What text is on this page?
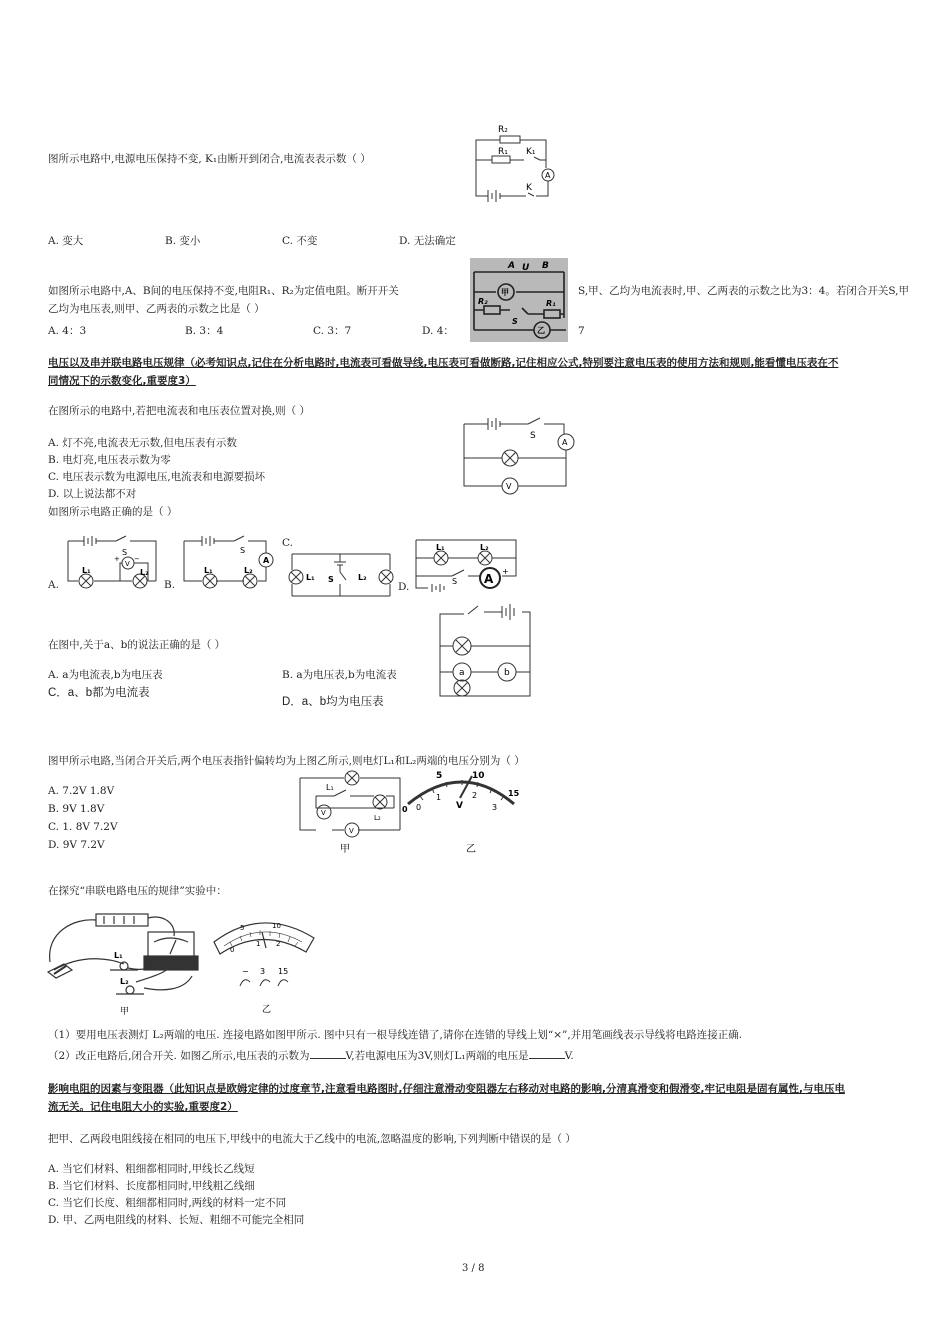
图所示电路中,电源电压保持不变, K₁由断开到闭合,电流表表示数（ ）
R₂
R₁ K₁
A
K
A. 变大	B. 变小	C. 不变	D. 无法确定
如图所示电路中,A、B间的电压保持不变,电阻R₁、R₂为定值电阻。断开开关
A U B
甲
R₂	R₁
S
乙
S,甲、乙均为电流表时,甲、乙两表的示数之比为3：4。若闭合开关S,甲
乙均为电压表,则甲、乙两表的示数之比是（ ）
A. 4：3	B. 3：4	C. 3：7	D. 4：	7
电压以及串并联电路电压规律（必考知识点,记住在分析电路时,电流表可看做导线,电压表可看做断路,记住相应公式,特别要注意电压表的使用方法和规则,能看懂电压表在不
同情况下的示数变化,重要度3）
在图所示的电路中,若把电流表和电压表位置对换,则（ ）
S
A
V
A. 灯不亮,电流表无示数,但电压表有示数
B. 电灯亮,电压表示数为零
C. 电压表示数为电源电压,电流表和电源要损坏
D. 以上说法都不对
如图所示电路正确的是（ ）
A.
S
L₁	L₂
V
+ −
B.
S
A
L₁	L₂
C.
L₁	L₂
S
D.
A
+
L₁	L₂
S
a	b
在图中,关于a、b的说法正确的是（ ）
A. a为电流表,b为电压表	B. a为电压表,b为电流表
C．a、b都为电流表
D．a、b均为电压表
图甲所示电路,当闭合开关后,两个电压表指针偏转均为上图乙所示,则电灯L₁和L₂两端的电压分别为（ ）
A. 7.2V 1.8V
B. 9V 1.8V
C. 1. 8V 7.2V
D. 9V 7.2V
L₁
L₂
V
V
甲
5	10
0
15
0
1	2
3
V
乙
在探究“串联电路电压的规律”实验中：
L₁
L₂
甲
5	10
0
1 2
− 3 15
乙
（1）要用电压表测灯 L₂两端的电压. 连接电路如图甲所示. 图中只有一根导线连错了,请你在连错的导线上划“×”,并用笔画线表示导线将电路连接正确.
（2）改正电路后,闭合开关. 如图乙所示,电压表的示数为	V,若电源电压为3V,则灯L₁两端的电压是	V.
影响电阻的因素与变阻器（此知识点是欧姆定律的过度章节,注意看电路图时,仔细注意滑动变阻器左右移动对电路的影响,分清真滑变和假滑变,牢记电阻是固有属性,与电压电
流无关。记住电阻大小的实验,重要度2）
把甲、乙两段电阻线接在相同的电压下,甲线中的电流大于乙线中的电流,忽略温度的影响,下列判断中错误的是（ ）
A. 当它们材料、粗细都相同时,甲线长乙线短
B. 当它们材料、长度都相同时,甲线粗乙线细
C. 当它们长度、粗细都相同时,两线的材料一定不同
D. 甲、乙两电阻线的材料、长短、粗细不可能完全相同
3 / 8
